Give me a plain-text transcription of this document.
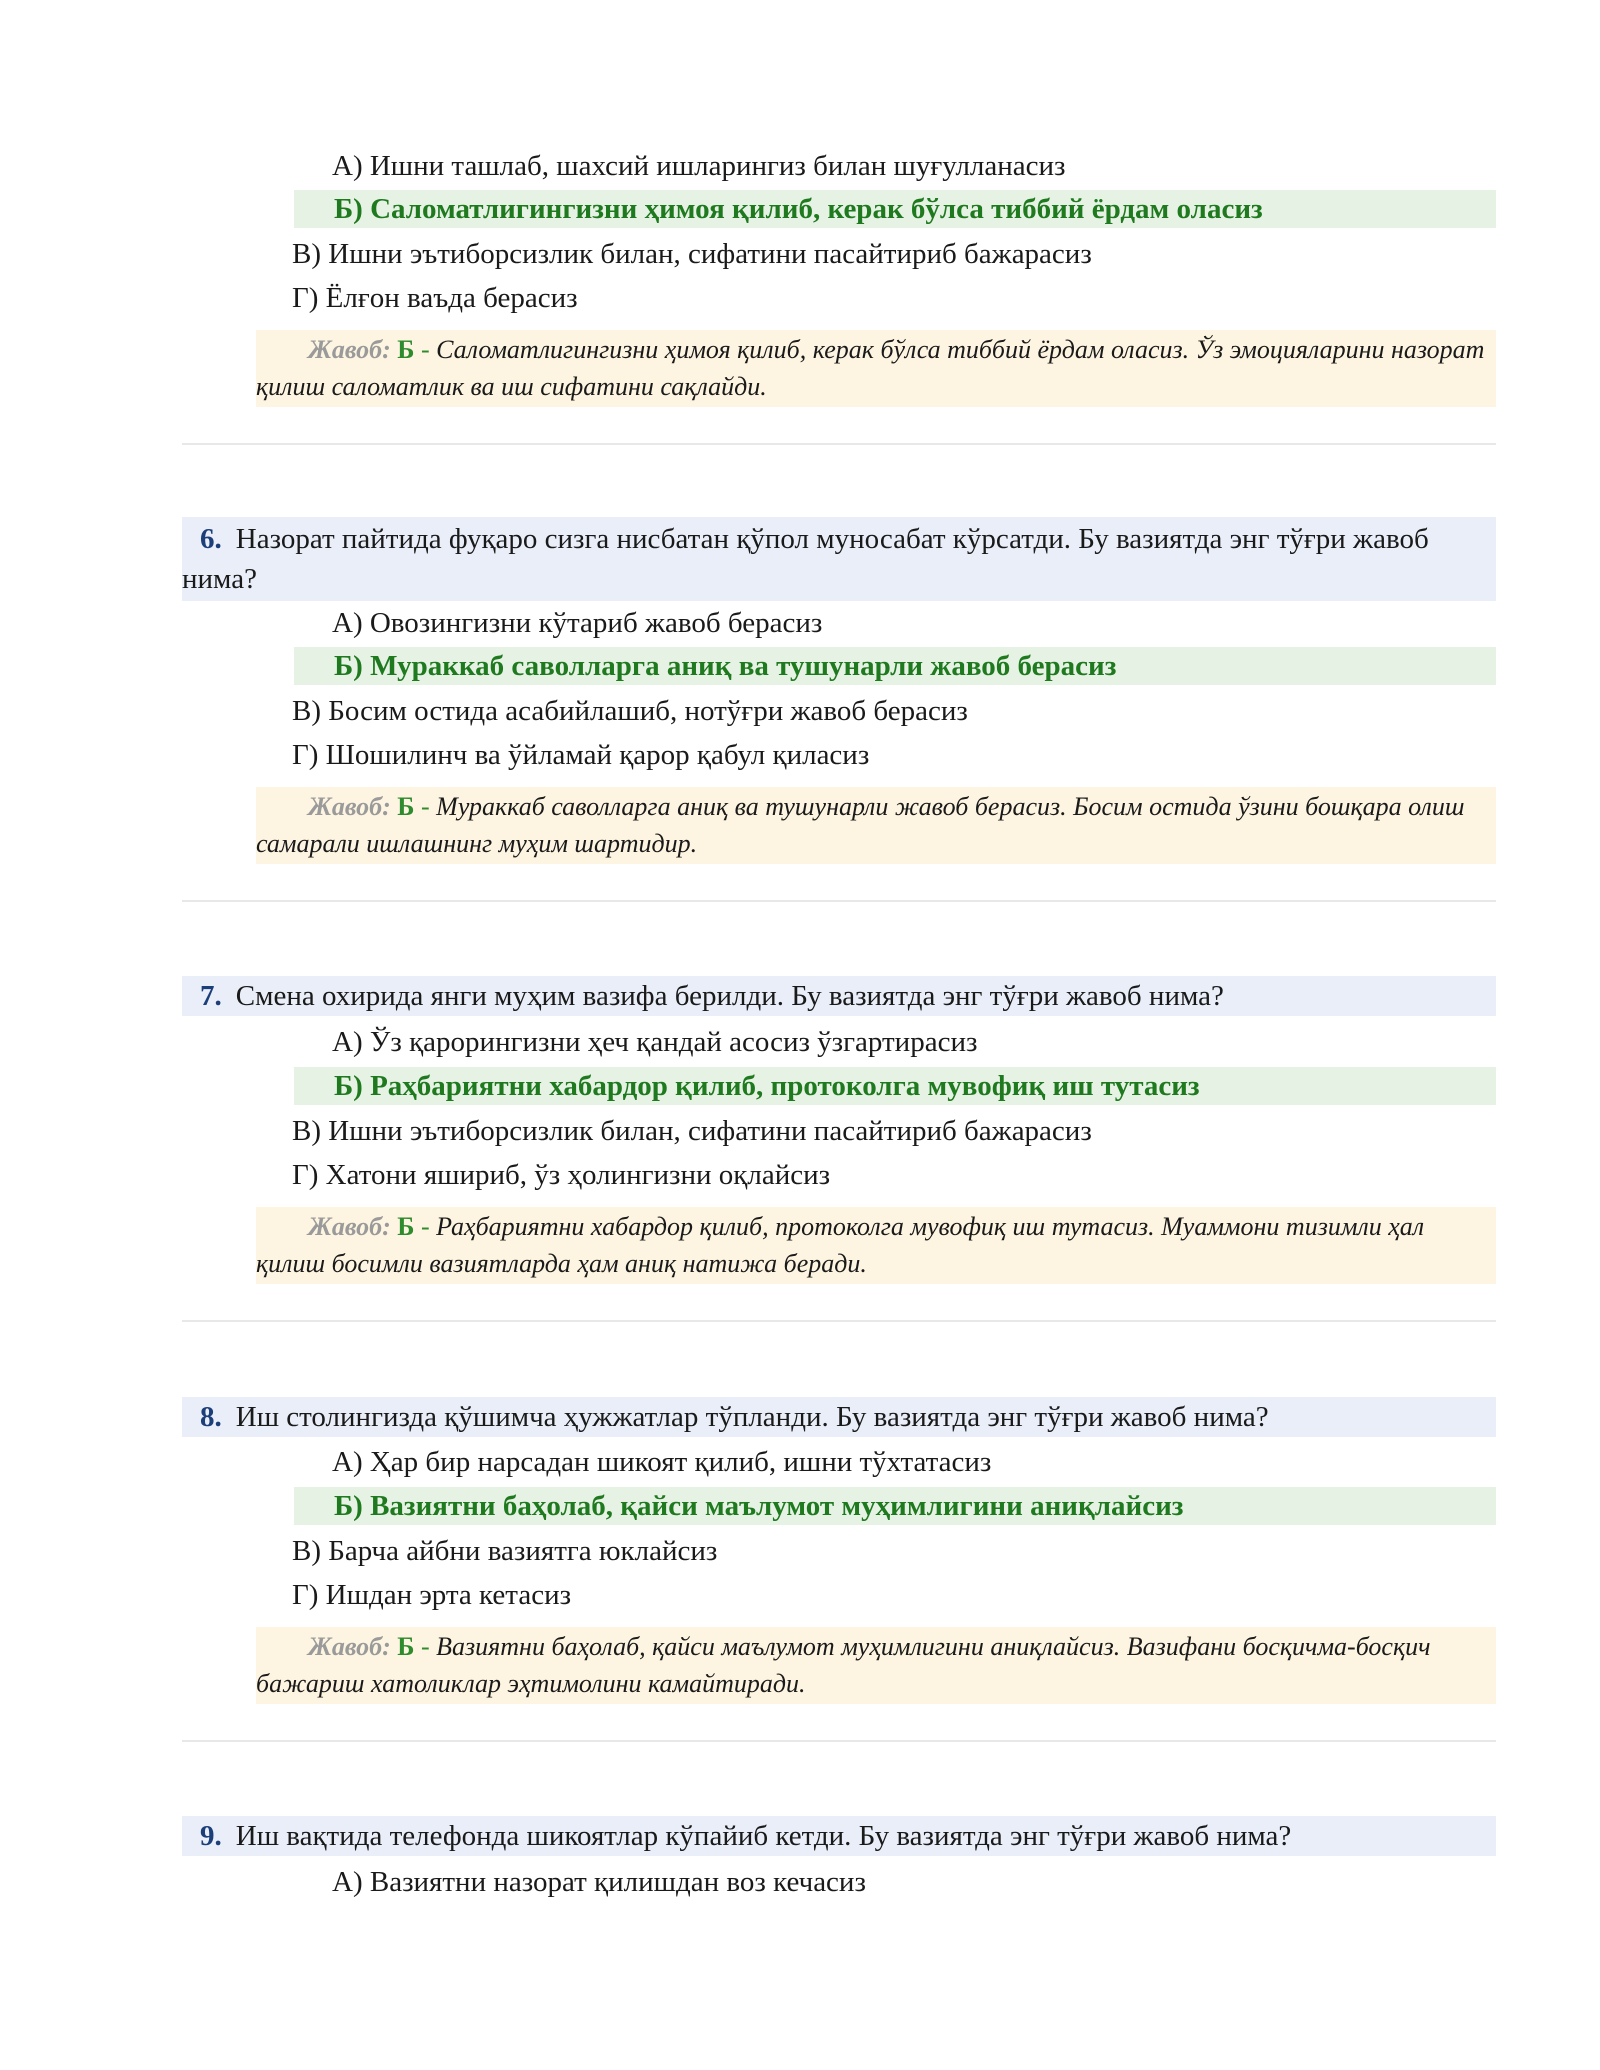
А) Ишни ташлаб, шахсий ишларингиз билан шуғулланасиз
Б) Саломатлигингизни ҳимоя қилиб, керак бўлса тиббий ёрдам оласиз
В) Ишни эътиборсизлик билан, сифатини пасайтириб бажарасиз
Г) Ёлғон ваъда берасиз
Жавоб: Б - Саломатлигингизни ҳимоя қилиб, керак бўлса тиббий ёрдам оласиз. Ўз эмоцияларини назорат қилиш саломатлик ва иш сифатини сақлайди.
6. Назорат пайтида фуқаро сизга нисбатан қўпол муносабат кўрсатди. Бу вазиятда энг тўғри жавоб нима?
А) Овозингизни кўтариб жавоб берасиз
Б) Мураккаб саволларга аниқ ва тушунарли жавоб берасиз
В) Босим остида асабийлашиб, нотўғри жавоб берасиз
Г) Шошилинч ва ўйламай қарор қабул қиласиз
Жавоб: Б - Мураккаб саволларга аниқ ва тушунарли жавоб берасиз. Босим остида ўзини бошқара олиш самарали ишлашнинг муҳим шартидир.
7. Смена охирида янги муҳим вазифа берилди. Бу вазиятда энг тўғри жавоб нима?
А) Ўз қарорингизни ҳеч қандай асосиз ўзгартирасиз
Б) Раҳбариятни хабардор қилиб, протоколга мувофиқ иш тутасиз
В) Ишни эътиборсизлик билан, сифатини пасайтириб бажарасиз
Г) Хатони яшириб, ўз ҳолингизни оқлайсиз
Жавоб: Б - Раҳбариятни хабардор қилиб, протоколга мувофиқ иш тутасиз. Муаммони тизимли ҳал қилиш босимли вазиятларда ҳам аниқ натижа беради.
8. Иш столингизда қўшимча ҳужжатлар тўпланди. Бу вазиятда энг тўғри жавоб нима?
А) Ҳар бир нарсадан шикоят қилиб, ишни тўхтатасиз
Б) Вазиятни баҳолаб, қайси маълумот муҳимлигини аниқлайсиз
В) Барча айбни вазиятга юклайсиз
Г) Ишдан эрта кетасиз
Жавоб: Б - Вазиятни баҳолаб, қайси маълумот муҳимлигини аниқлайсиз. Вазифани босқичма-босқич бажариш хатоликлар эҳтимолини камайтиради.
9. Иш вақтида телефонда шикоятлар кўпайиб кетди. Бу вазиятда энг тўғри жавоб нима?
А) Вазиятни назорат қилишдан воз кечасиз
